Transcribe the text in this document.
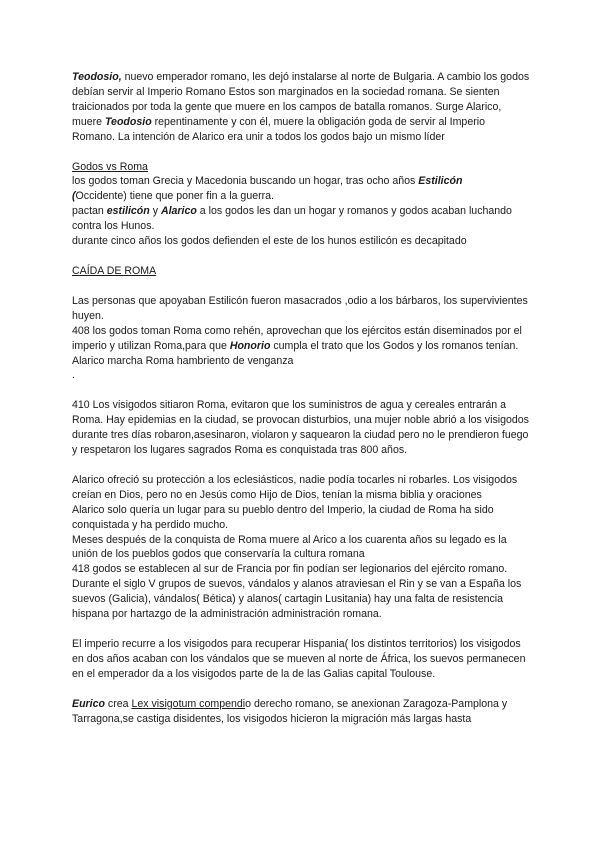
Teodosio, nuevo emperador romano, les dejó instalarse al norte de Bulgaria. A cambio los godos debían servir al Imperio Romano Estos son marginados en la sociedad romana. Se sienten traicionados por toda la gente que muere en los campos de batalla romanos. Surge Alarico, muere Teodosio repentinamente y con él, muere la obligación goda de servir al Imperio Romano. La intención de Alarico era unir a todos los godos bajo un mismo líder

Godos vs Roma

los godos toman Grecia y Macedonia buscando un hogar, tras ocho años Estilicón
(Occidente) tiene que poner fin a la guerra.

pactan estilicón y Alarico a los godos les dan un hogar y romanos y godos acaban luchando contra los Hunos.

durante cinco años los godos defienden el este de los hunos estilicón es decapitado

CAÍDA DE ROMA

Las personas que apoyaban Estilicón fueron masacrados ,odio a los bárbaros, los supervivientes huyen.

408 los godos toman Roma como rehén, aprovechan que los ejércitos están diseminados por el imperio y utilizan Roma,para que Honorio cumpla el trato que los Godos y los romanos tenían. Alarico marcha Roma hambriento de venganza
.

410 Los visigodos sitiaron Roma, evitaron que los suministros de agua y cereales entrarán a Roma. Hay epidemias en la ciudad, se provocan disturbios, una mujer noble abrió a los visigodos durante tres días robaron,asesinaron, violaron y saquearon la ciudad pero no le prendieron fuego y respetaron los lugares sagrados Roma es conquistada tras 800 años.

Alarico ofreció su protección a los eclesiásticos, nadie podía tocarles ni robarles. Los visigodos creían en Dios, pero no en Jesús como Hijo de Dios, tenían la misma biblia y oraciones

Alarico solo quería un lugar para su pueblo dentro del Imperio, la ciudad de Roma ha sido conquistada y ha perdido mucho.

Meses después de la conquista de Roma muere al Arico a los cuarenta años su legado es la unión de los pueblos godos que conservaría la cultura romana

418 godos se establecen al sur de Francia por fin podían ser legionarios del ejército romano.

Durante el siglo V grupos de suevos, vándalos y alanos atraviesan el Rin y se van a España los suevos (Galicia), vándalos( Bética) y alanos( cartagin Lusitania) hay una falta de resistencia hispana por hartazgo de la administración administración romana.

El imperio recurre a los visigodos para recuperar Hispania( los distintos territorios) los visigodos en dos años acaban con los vándalos que se mueven al norte de África, los suevos permanecen en el emperador da a los visigodos parte de la de las Galias capital Toulouse.

Eurico crea Lex visigotum compendio derecho romano, se anexionan Zaragoza-Pamplona y Tarragona,se castiga disidentes, los visigodos hicieron la migración más largas hasta
